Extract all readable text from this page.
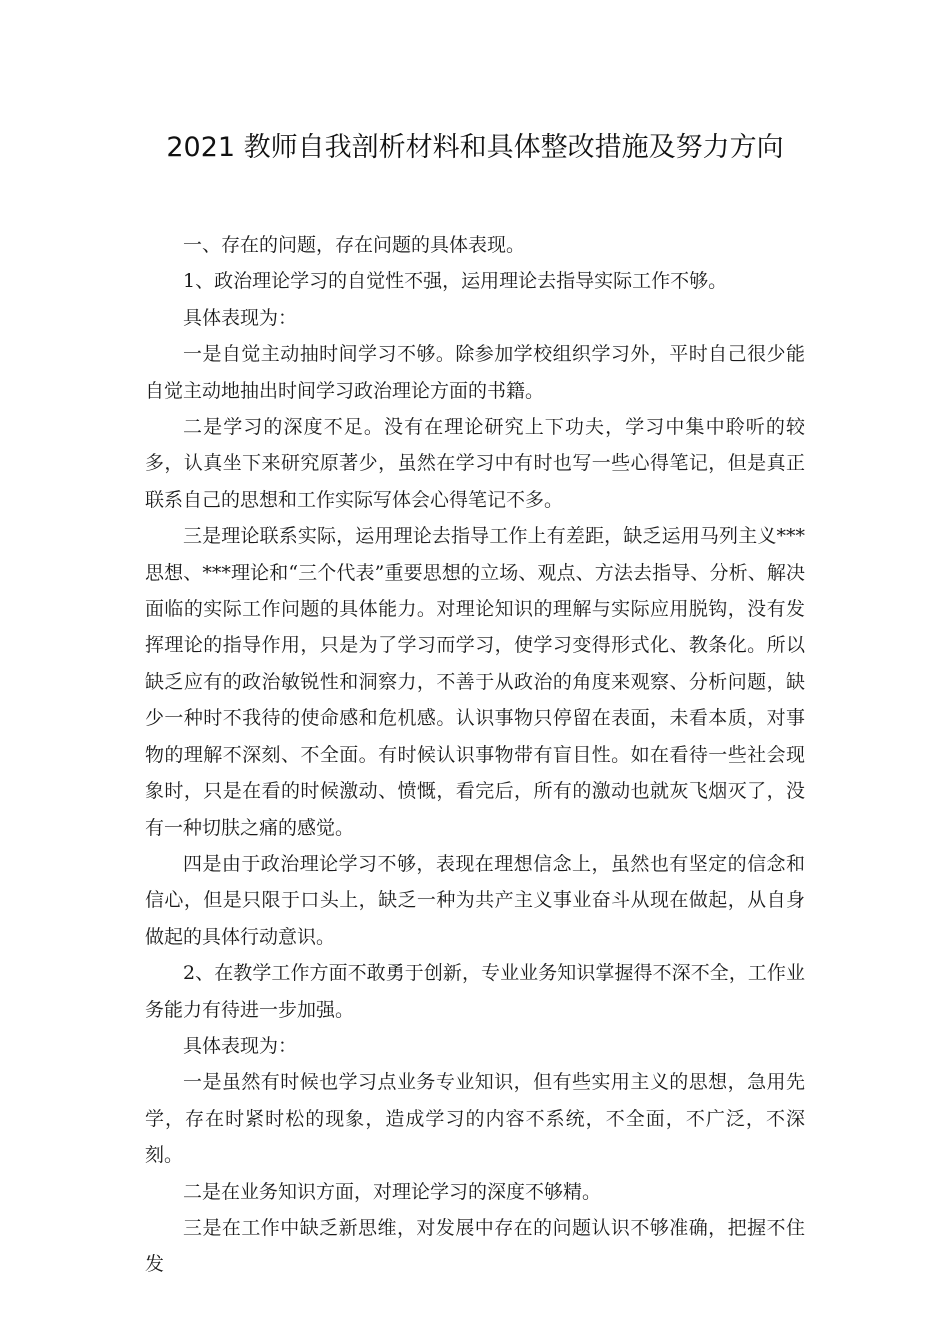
2021 教师自我剖析材料和具体整改措施及努力方向

一、存在的问题，存在问题的具体表现。

1、政治理论学习的自觉性不强，运用理论去指导实际工作不够。

具体表现为：

一是自觉主动抽时间学习不够。除参加学校组织学习外，平时自己很少能自觉主动地抽出时间学习政治理论方面的书籍。

二是学习的深度不足。没有在理论研究上下功夫，学习中集中聆听的较多，认真坐下来研究原著少，虽然在学习中有时也写一些心得笔记，但是真正联系自己的思想和工作实际写体会心得笔记不多。

三是理论联系实际，运用理论去指导工作上有差距，缺乏运用马列主义***思想、***理论和“三个代表”重要思想的立场、观点、方法去指导、分析、解决面临的实际工作问题的具体能力。对理论知识的理解与实际应用脱钩，没有发挥理论的指导作用，只是为了学习而学习，使学习变得形式化、教条化。所以缺乏应有的政治敏锐性和洞察力，不善于从政治的角度来观察、分析问题，缺少一种时不我待的使命感和危机感。认识事物只停留在表面，未看本质，对事物的理解不深刻、不全面。有时候认识事物带有盲目性。如在看待一些社会现象时，只是在看的时候激动、愤慨，看完后，所有的激动也就灰飞烟灭了，没有一种切肤之痛的感觉。

四是由于政治理论学习不够，表现在理想信念上，虽然也有坚定的信念和信心，但是只限于口头上，缺乏一种为共产主义事业奋斗从现在做起，从自身做起的具体行动意识。

2、在教学工作方面不敢勇于创新，专业业务知识掌握得不深不全，工作业务能力有待进一步加强。

具体表现为：

一是虽然有时候也学习点业务专业知识，但有些实用主义的思想，急用先学，存在时紧时松的现象，造成学习的内容不系统，不全面，不广泛，不深刻。

二是在业务知识方面，对理论学习的深度不够精。

三是在工作中缺乏新思维，对发展中存在的问题认识不够准确，把握不住发
